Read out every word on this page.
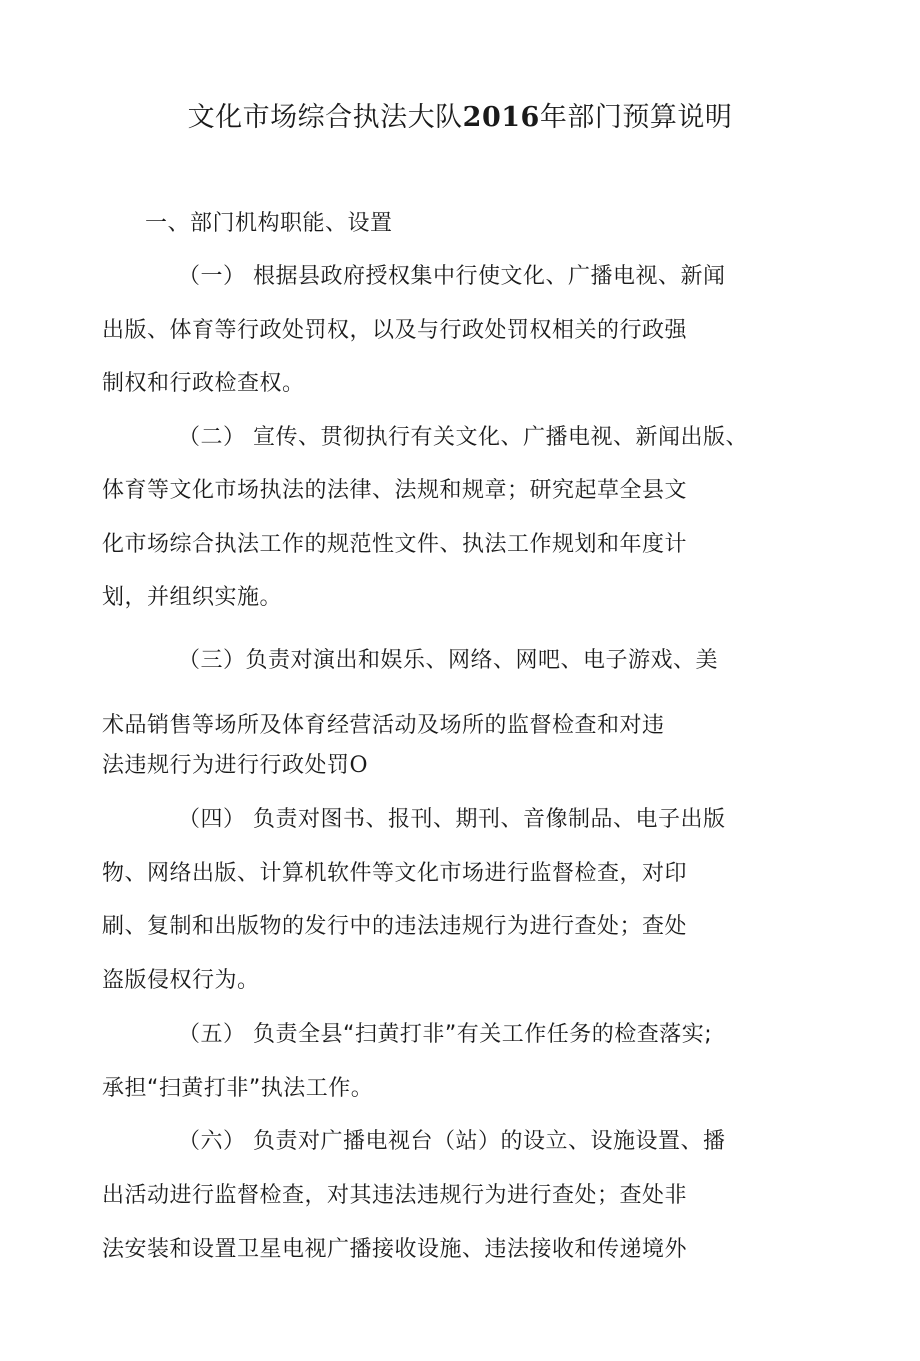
文化市场综合执法大队2016年部门预算说明
一、部门机构职能、设置
（一） 根据县政府授权集中行使文化、广播电视、新闻
出版、体育等行政处罚权，以及与行政处罚权相关的行政强
制权和行政检查权。
（二） 宣传、贯彻执行有关文化、广播电视、新闻出版、
体育等文化市场执法的法律、法规和规章；研究起草全县文
化市场综合执法工作的规范性文件、执法工作规划和年度计
划，并组织实施。
（三）负责对演出和娱乐、网络、网吧、电子游戏、美
术品销售等场所及体育经营活动及场所的监督检查和对违
法违规行为进行行政处罚O
（四） 负责对图书、报刊、期刊、音像制品、电子出版
物、网络出版、计算机软件等文化市场进行监督检查，对印
刷、复制和出版物的发行中的违法违规行为进行查处；查处
盗版侵权行为。
（五） 负责全县“扫黄打非”有关工作任务的检查落实;
承担“扫黄打非”执法工作。
（六） 负责对广播电视台（站）的设立、设施设置、播
出活动进行监督检查，对其违法违规行为进行查处；查处非
法安装和设置卫星电视广播接收设施、违法接收和传递境外
